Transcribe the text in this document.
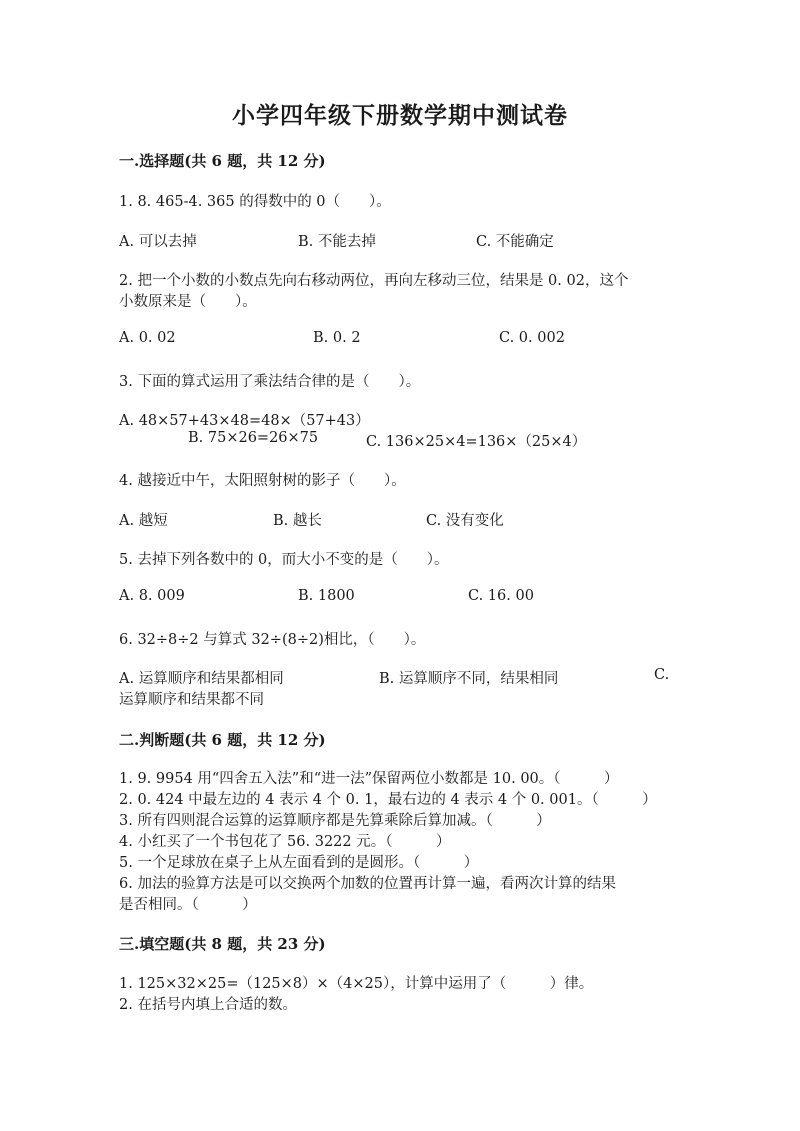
小学四年级下册数学期中测试卷
一.选择题(共 6 题，共 12 分)
1. 8. 465-4. 365 的得数中的 0（　　）。
A. 可以去掉	B. 不能去掉	C. 不能确定
2. 把一个小数的小数点先向右移动两位，再向左移动三位，结果是 0. 02，这个
小数原来是（　　）。
A. 0. 02	B. 0. 2	C. 0. 002
3. 下面的算式运用了乘法结合律的是（　　）。
A. 48×57+43×48=48×（57+43）
B. 75×26=26×75	C. 136×25×4=136×（25×4）
4. 越接近中午，太阳照射树的影子（　　）。
A. 越短	B. 越长	C. 没有变化
5. 去掉下列各数中的 0，而大小不变的是（　　）。
A. 8. 009	B. 1800	C. 16. 00
6. 32÷8÷2 与算式 32÷(8÷2)相比，（　　）。
A. 运算顺序和结果都相同	B. 运算顺序不同，结果相同	C.
运算顺序和结果都不同
二.判断题(共 6 题，共 12 分)
1. 9. 9954 用“四舍五入法”和“进一法”保留两位小数都是 10. 00。（　　　）
2. 0. 424 中最左边的 4 表示 4 个 0. 1，最右边的 4 表示 4 个 0. 001。（　　　）
3. 所有四则混合运算的运算顺序都是先算乘除后算加减。（　　　）
4. 小红买了一个书包花了 56. 3222 元。（　　　）
5. 一个足球放在桌子上从左面看到的是圆形。（　　　）
6. 加法的验算方法是可以交换两个加数的位置再计算一遍，看两次计算的结果
是否相同。（　　　）
三.填空题(共 8 题，共 23 分)
1. 125×32×25=（125×8）×（4×25），计算中运用了（　　　）律。
2. 在括号内填上合适的数。
